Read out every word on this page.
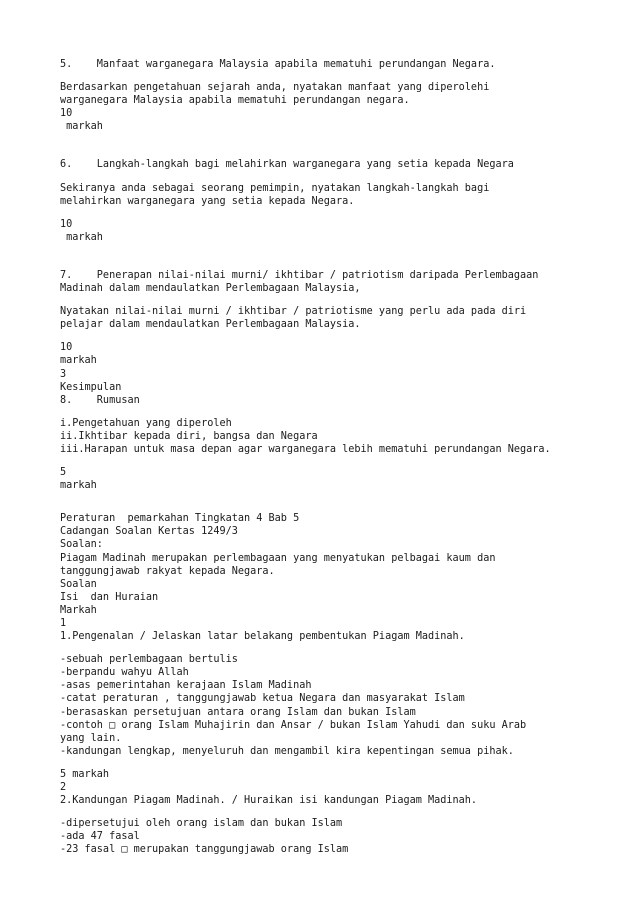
5.    Manfaat warganegara Malaysia apabila mematuhi perundangan Negara.
Berdasarkan pengetahuan sejarah anda, nyatakan manfaat yang diperolehi
warganegara Malaysia apabila mematuhi perundangan negara.
10
markah
6.    Langkah-langkah bagi melahirkan warganegara yang setia kepada Negara
Sekiranya anda sebagai seorang pemimpin, nyatakan langkah-langkah bagi
melahirkan warganegara yang setia kepada Negara.
10
markah
7.    Penerapan nilai-nilai murni/ ikhtibar / patriotism daripada Perlembagaan
Madinah dalam mendaulatkan Perlembagaan Malaysia,
Nyatakan nilai-nilai murni / ikhtibar / patriotisme yang perlu ada pada diri
pelajar dalam mendaulatkan Perlembagaan Malaysia.
10
markah
3
Kesimpulan
8.    Rumusan
i.Pengetahuan yang diperoleh
ii.Ikhtibar kepada diri, bangsa dan Negara
iii.Harapan untuk masa depan agar warganegara lebih mematuhi perundangan Negara.
5
markah
Peraturan  pemarkahan Tingkatan 4 Bab 5
Cadangan Soalan Kertas 1249/3
Soalan:
Piagam Madinah merupakan perlembagaan yang menyatukan pelbagai kaum dan
tanggungjawab rakyat kepada Negara.
Soalan
Isi  dan Huraian
Markah
1
1.Pengenalan / Jelaskan latar belakang pembentukan Piagam Madinah.
-sebuah perlembagaan bertulis
-berpandu wahyu Allah
-asas pemerintahan kerajaan Islam Madinah
-catat peraturan , tanggungjawab ketua Negara dan masyarakat Islam
-berasaskan persetujuan antara orang Islam dan bukan Islam
-contoh □ orang Islam Muhajirin dan Ansar / bukan Islam Yahudi dan suku Arab
yang lain.
-kandungan lengkap, menyeluruh dan mengambil kira kepentingan semua pihak.
5 markah
2
2.Kandungan Piagam Madinah. / Huraikan isi kandungan Piagam Madinah.
-dipersetujui oleh orang islam dan bukan Islam
-ada 47 fasal
-23 fasal □ merupakan tanggungjawab orang Islam
